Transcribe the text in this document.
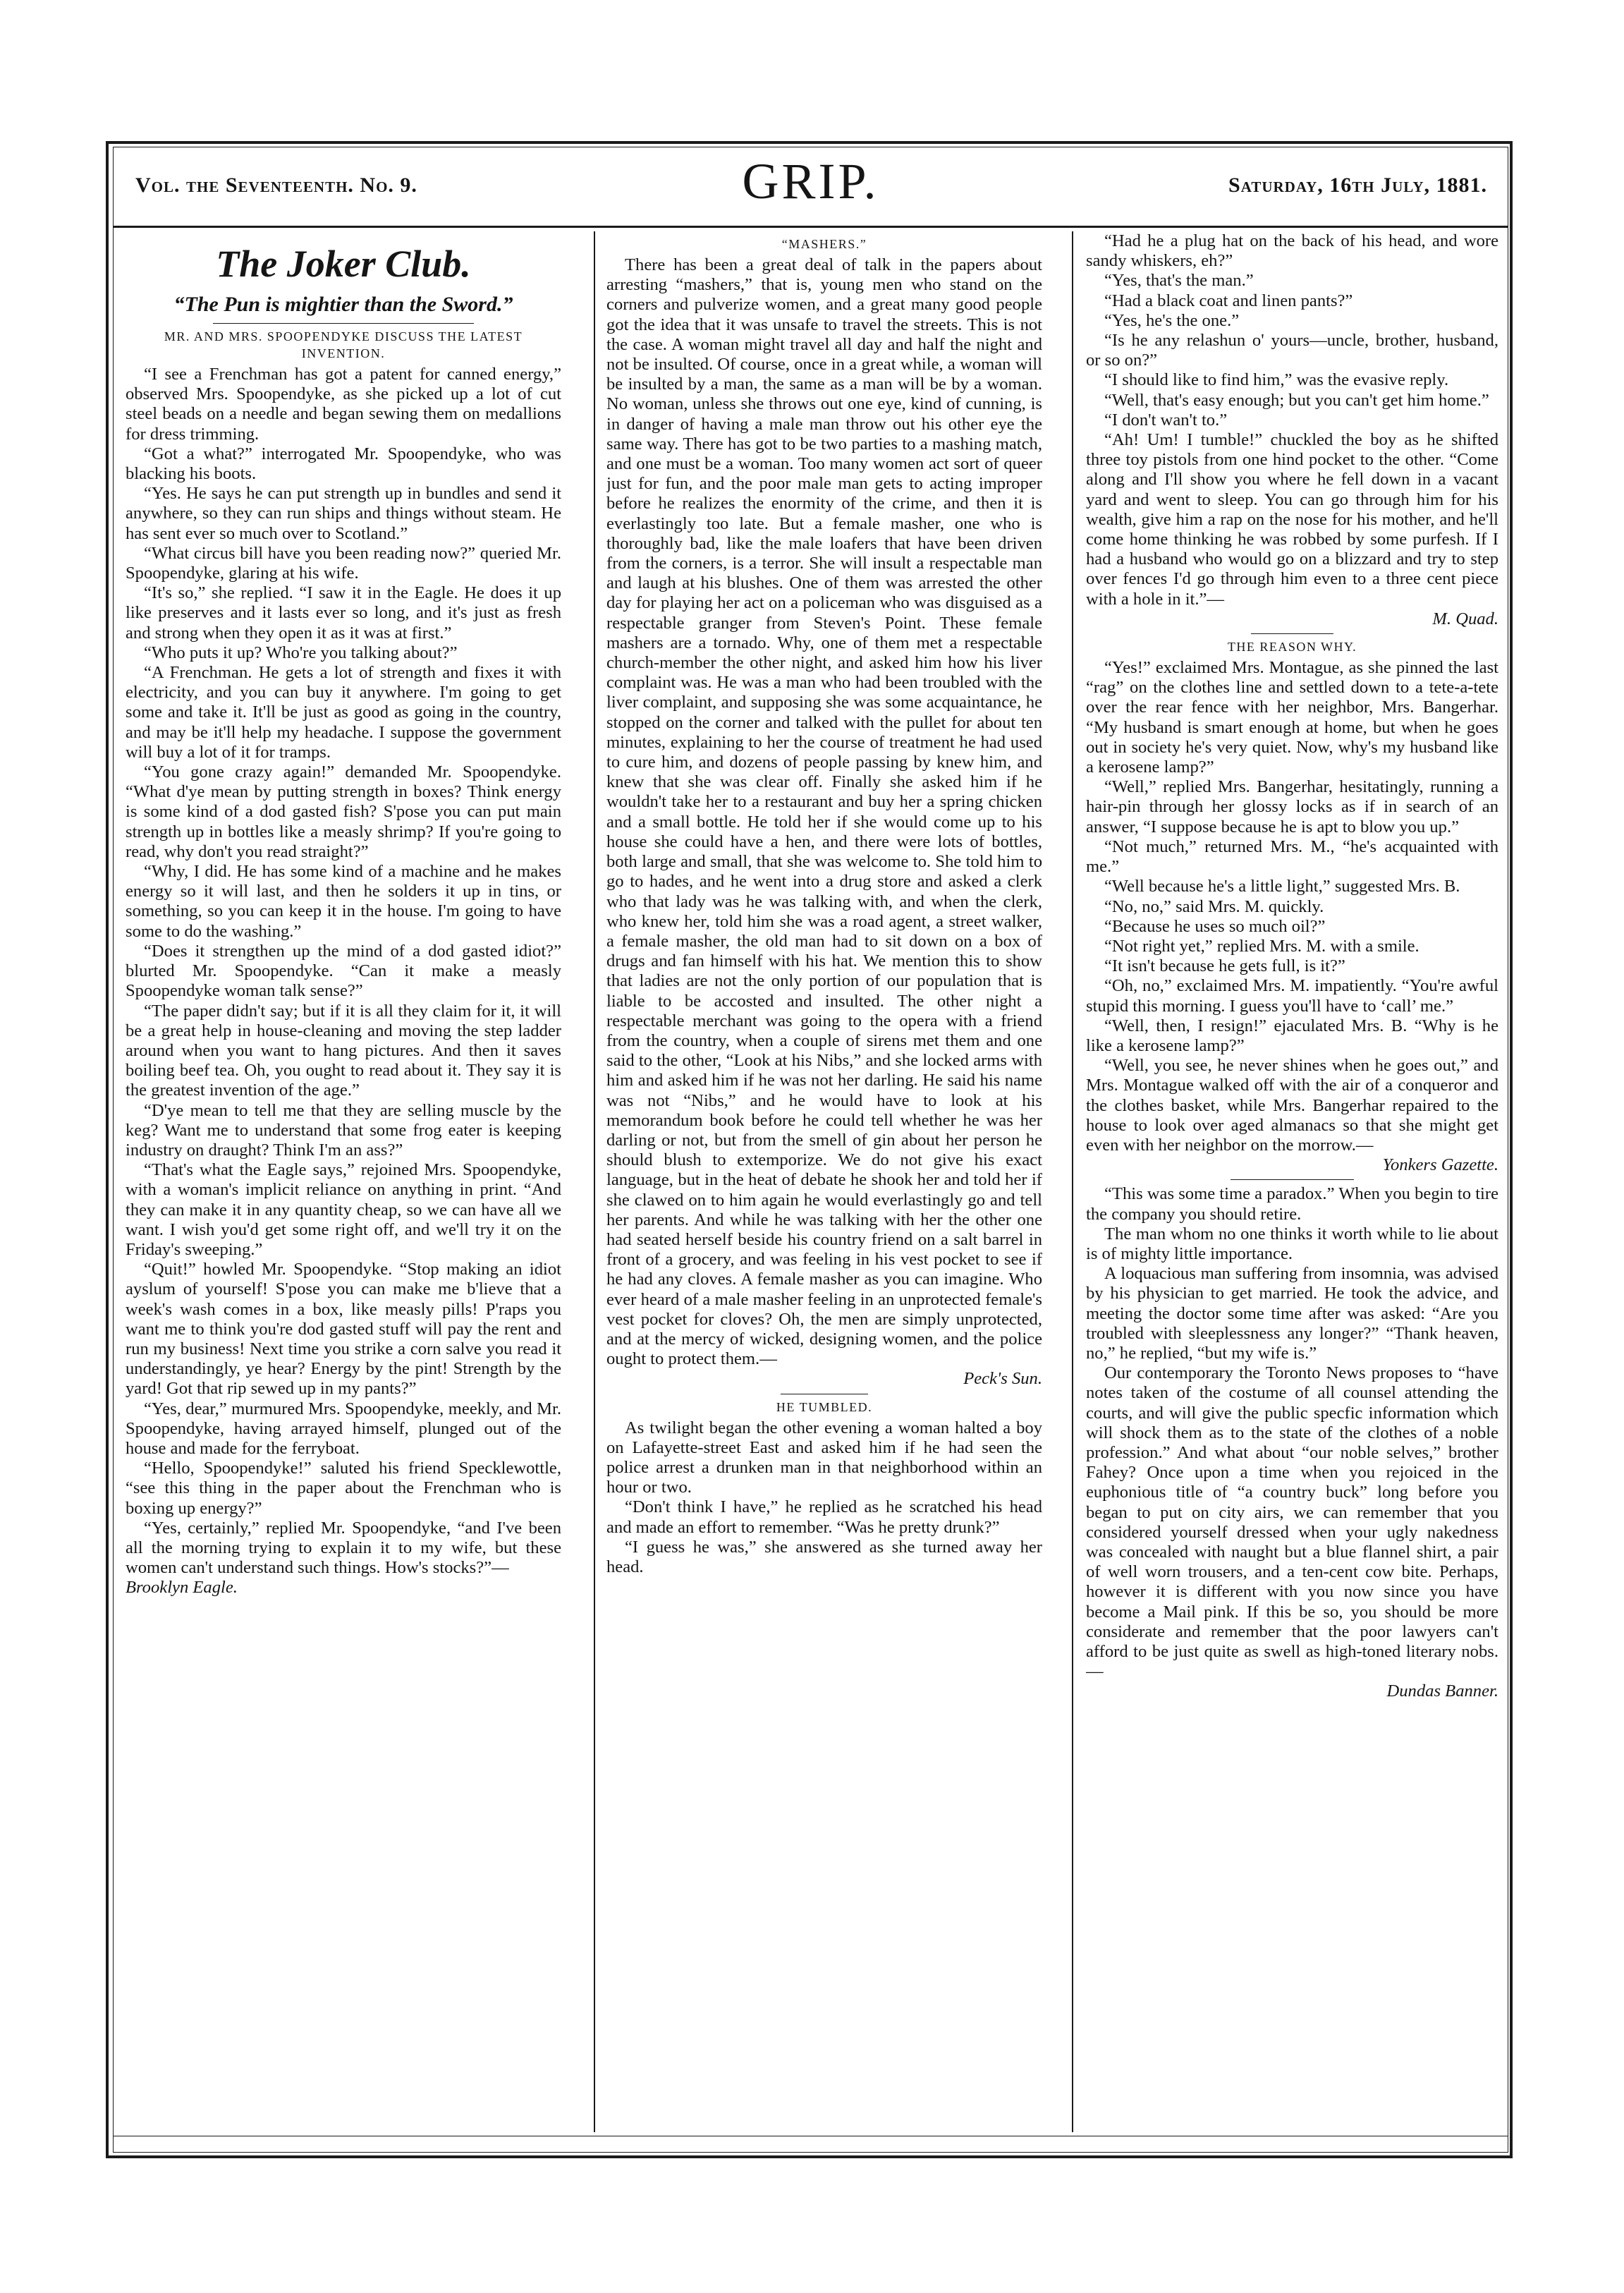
Vol. the Seventeenth. No. 9.	GRIP.	Saturday, 16th July, 1881.
The Joker Club.
“The Pun is mightier than the Sword.”
MR. AND MRS. SPOOPENDYKE DISCUSS THE LATEST INVENTION.

“I see a Frenchman has got a patent for canned energy,” observed Mrs. Spoopendyke, as she picked up a lot of cut steel beads on a needle and began sewing them on medallions for dress trimming.

“Got a what?” interrogated Mr. Spoopendyke, who was blacking his boots.

“Yes. He says he can put strength up in bundles and send it anywhere, so they can run ships and things without steam. He has sent ever so much over to Scotland.”

“What circus bill have you been reading now?” queried Mr. Spoopendyke, glaring at his wife.

“It's so,” she replied. “I saw it in the Eagle. He does it up like preserves and it lasts ever so long, and it's just as fresh and strong when they open it as it was at first.”

“Who puts it up? Who're you talking about?”

“A Frenchman. He gets a lot of strength and fixes it with electricity, and you can buy it anywhere. I'm going to get some and take it. It'll be just as good as going in the country, and may be it'll help my headache. I suppose the government will buy a lot of it for tramps.

“You gone crazy again!” demanded Mr. Spoopendyke. “What d'ye mean by putting strength in boxes? Think energy is some kind of a dod gasted fish? S'pose you can put main strength up in bottles like a measly shrimp? If you're going to read, why don't you read straight?”

“Why, I did. He has some kind of a machine and he makes energy so it will last, and then he solders it up in tins, or something, so you can keep it in the house. I'm going to have some to do the washing.”

“Does it strengthen up the mind of a dod gasted idiot?” blurted Mr. Spoopendyke. “Can it make a measly Spoopendyke woman talk sense?”

“The paper didn't say; but if it is all they claim for it, it will be a great help in house-cleaning and moving the step ladder around when you want to hang pictures. And then it saves boiling beef tea. Oh, you ought to read about it. They say it is the greatest invention of the age.”

“D'ye mean to tell me that they are selling muscle by the keg? Want me to understand that some frog eater is keeping industry on draught? Think I'm an ass?”

“That's what the Eagle says,” rejoined Mrs. Spoopendyke, with a woman's implicit reliance on anything in print. “And they can make it in any quantity cheap, so we can have all we want. I wish you'd get some right off, and we'll try it on the Friday's sweeping.”

“Quit!” howled Mr. Spoopendyke. “Stop making an idiot ayslum of yourself! S'pose you can make me b'lieve that a week's wash comes in a box, like measly pills! P'raps you want me to think you're dod gasted stuff will pay the rent and run my business! Next time you strike a corn salve you read it understandingly, ye hear? Energy by the pint! Strength by the yard! Got that rip sewed up in my pants?”

“Yes, dear,” murmured Mrs. Spoopendyke, meekly, and Mr. Spoopendyke, having arrayed himself, plunged out of the house and made for the ferryboat.

“Hello, Spoopendyke!” saluted his friend Specklewottle, “see this thing in the paper about the Frenchman who is boxing up energy?”

“Yes, certainly,” replied Mr. Spoopendyke, “and I've been all the morning trying to explain it to my wife, but these women can't understand such things. How's stocks?”—

Brooklyn Eagle.

“MASHERS.”

There has been a great deal of talk in the papers about arresting “mashers,” that is, young men who stand on the corners and pulverize women, and a great many good people got the idea that it was unsafe to travel the streets. This is not the case. A woman might travel all day and half the night and not be insulted. Of course, once in a great while, a woman will be insulted by a man, the same as a man will be by a woman. No woman, unless she throws out one eye, kind of cunning, is in danger of having a male man throw out his other eye the same way. There has got to be two parties to a mashing match, and one must be a woman. Too many women act sort of queer just for fun, and the poor male man gets to acting improper before he realizes the enormity of the crime, and then it is everlastingly too late. But a female masher, one who is thoroughly bad, like the male loafers that have been driven from the corners, is a terror. She will insult a respectable man and laugh at his blushes. One of them was arrested the other day for playing her act on a policeman who was disguised as a respectable granger from Steven's Point. These female mashers are a tornado. Why, one of them met a respectable church-member the other night, and asked him how his liver complaint was. He was a man who had been troubled with the liver complaint, and supposing she was some acquaintance, he stopped on the corner and talked with the pullet for about ten minutes, explaining to her the course of treatment he had used to cure him, and dozens of people passing by knew him, and knew that she was clear off. Finally she asked him if he wouldn't take her to a restaurant and buy her a spring chicken and a small bottle. He told her if she would come up to his house she could have a hen, and there were lots of bottles, both large and small, that she was welcome to. She told him to go to hades, and he went into a drug store and asked a clerk who that lady was he was talking with, and when the clerk, who knew her, told him she was a road agent, a street walker, a female masher, the old man had to sit down on a box of drugs and fan himself with his hat. We mention this to show that ladies are not the only portion of our population that is liable to be accosted and insulted. The other night a respectable merchant was going to the opera with a friend from the country, when a couple of sirens met them and one said to the other, “Look at his Nibs,” and she locked arms with him and asked him if he was not her darling. He said his name was not “Nibs,” and he would have to look at his memorandum book before he could tell whether he was her darling or not, but from the smell of gin about her person he should blush to extemporize. We do not give his exact language, but in the heat of debate he shook her and told her if she clawed on to him again he would everlastingly go and tell her parents. And while he was talking with her the other one had seated herself beside his country friend on a salt barrel in front of a grocery, and was feeling in his vest pocket to see if he had any cloves. A female masher as you can imagine. Who ever heard of a male masher feeling in an unprotected female's vest pocket for cloves? Oh, the men are simply unprotected, and at the mercy of wicked, designing women, and the police ought to protect them.—

Peck's Sun.

HE TUMBLED.

As twilight began the other evening a woman halted a boy on Lafayette-street East and asked him if he had seen the police arrest a drunken man in that neighborhood within an hour or two.

“Don't think I have,” he replied as he scratched his head and made an effort to remember. “Was he pretty drunk?”

“I guess he was,” she answered as she turned away her head.

“Had he a plug hat on the back of his head, and wore sandy whiskers, eh?”

“Yes, that's the man.”

“Had a black coat and linen pants?”

“Yes, he's the one.”

“Is he any relashun o' yours—uncle, brother, husband, or so on?”

“I should like to find him,” was the evasive reply.

“Well, that's easy enough; but you can't get him home.”

“I don't wan't to.”

“Ah! Um! I tumble!” chuckled the boy as he shifted three toy pistols from one hind pocket to the other. “Come along and I'll show you where he fell down in a vacant yard and went to sleep. You can go through him for his wealth, give him a rap on the nose for his mother, and he'll come home thinking he was robbed by some purfesh. If I had a husband who would go on a blizzard and try to step over fences I'd go through him even to a three cent piece with a hole in it.”—

M. Quad.

THE REASON WHY.

“Yes!” exclaimed Mrs. Montague, as she pinned the last “rag” on the clothes line and settled down to a tete-a-tete over the rear fence with her neighbor, Mrs. Bangerhar. “My husband is smart enough at home, but when he goes out in society he's very quiet. Now, why's my husband like a kerosene lamp?”

“Well,” replied Mrs. Bangerhar, hesitatingly, running a hair-pin through her glossy locks as if in search of an answer, “I suppose because he is apt to blow you up.”

“Not much,” returned Mrs. M., “he's acquainted with me.”

“Well because he's a little light,” suggested Mrs. B.

“No, no,” said Mrs. M. quickly.

“Because he uses so much oil?”

“Not right yet,” replied Mrs. M. with a smile.

“It isn't because he gets full, is it?”

“Oh, no,” exclaimed Mrs. M. impatiently. “You're awful stupid this morning. I guess you'll have to ‘call’ me.”

“Well, then, I resign!” ejaculated Mrs. B. “Why is he like a kerosene lamp?”

“Well, you see, he never shines when he goes out,” and Mrs. Montague walked off with the air of a conqueror and the clothes basket, while Mrs. Bangerhar repaired to the house to look over aged almanacs so that she might get even with her neighbor on the morrow.—

Yonkers Gazette.

“This was some time a paradox.” When you begin to tire the company you should retire.

The man whom no one thinks it worth while to lie about is of mighty little importance.

A loquacious man suffering from insomnia, was advised by his physician to get married. He took the advice, and meeting the doctor some time after was asked: “Are you troubled with sleeplessness any longer?” “Thank heaven, no,” he replied, “but my wife is.”

Our contemporary the Toronto News proposes to “have notes taken of the costume of all counsel attending the courts, and will give the public specfic information which will shock them as to the state of the clothes of a noble profession.” And what about “our noble selves,” brother Fahey? Once upon a time when you rejoiced in the euphonious title of “a country buck” long before you began to put on city airs, we can remember that you considered yourself dressed when your ugly nakedness was concealed with naught but a blue flannel shirt, a pair of well worn trousers, and a ten-cent cow bite. Perhaps, however it is different with you now since you have become a Mail pink. If this be so, you should be more considerate and remember that the poor lawyers can't afford to be just quite as swell as high-toned literary nobs.—

Dundas Banner.
